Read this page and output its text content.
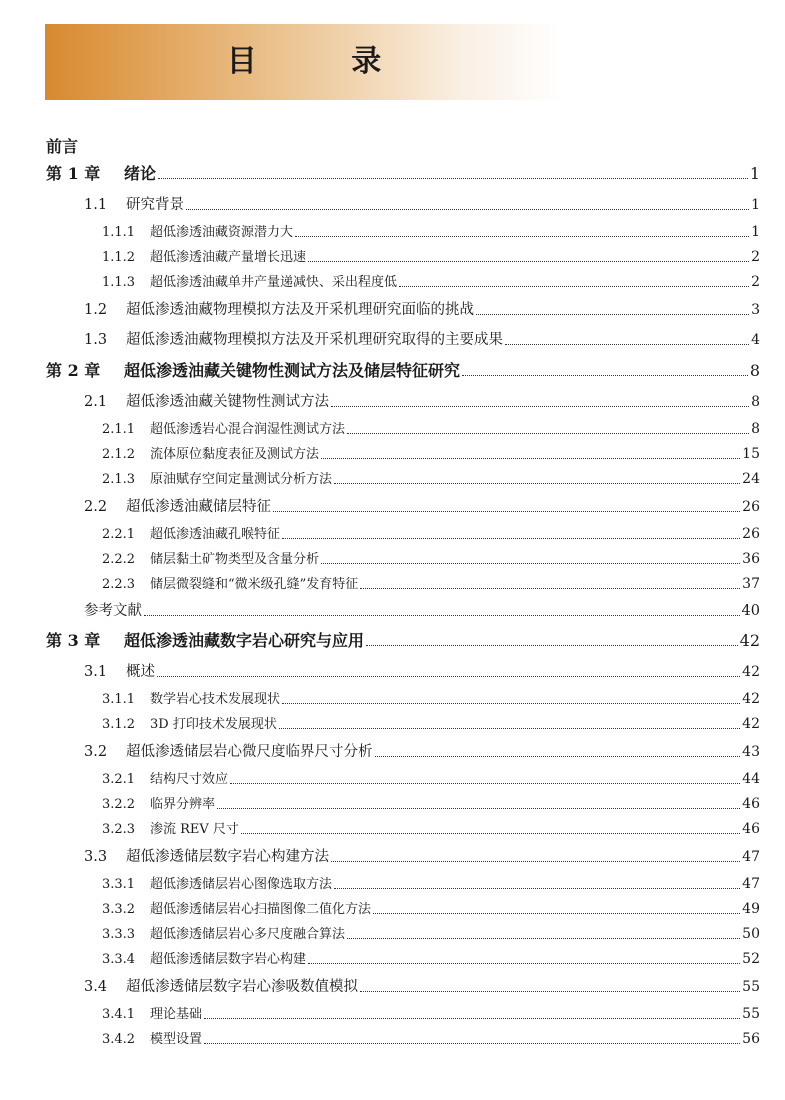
目 录
前言
第 1 章	绪论	1
1.1	研究背景	1
1.1.1	超低渗透油藏资源潜力大	1
1.1.2	超低渗透油藏产量增长迅速	2
1.1.3	超低渗透油藏单井产量递减快、采出程度低	2
1.2	超低渗透油藏物理模拟方法及开采机理研究面临的挑战	3
1.3	超低渗透油藏物理模拟方法及开采机理研究取得的主要成果	4
第 2 章	超低渗透油藏关键物性测试方法及储层特征研究	8
2.1	超低渗透油藏关键物性测试方法	8
2.1.1	超低渗透岩心混合润湿性测试方法	8
2.1.2	流体原位黏度表征及测试方法	15
2.1.3	原油赋存空间定量测试分析方法	24
2.2	超低渗透油藏储层特征	26
2.2.1	超低渗透油藏孔喉特征	26
2.2.2	储层黏土矿物类型及含量分析	36
2.2.3	储层微裂缝和“微米级孔缝”发育特征	37
参考文献	40
第 3 章	超低渗透油藏数字岩心研究与应用	42
3.1	概述	42
3.1.1	数学岩心技术发展现状	42
3.1.2	3D 打印技术发展现状	42
3.2	超低渗透储层岩心微尺度临界尺寸分析	43
3.2.1	结构尺寸效应	44
3.2.2	临界分辨率	46
3.2.3	渗流 REV 尺寸	46
3.3	超低渗透储层数字岩心构建方法	47
3.3.1	超低渗透储层岩心图像选取方法	47
3.3.2	超低渗透储层岩心扫描图像二值化方法	49
3.3.3	超低渗透储层岩心多尺度融合算法	50
3.3.4	超低渗透储层数字岩心构建	52
3.4	超低渗透储层数字岩心渗吸数值模拟	55
3.4.1	理论基础	55
3.4.2	模型设置	56
